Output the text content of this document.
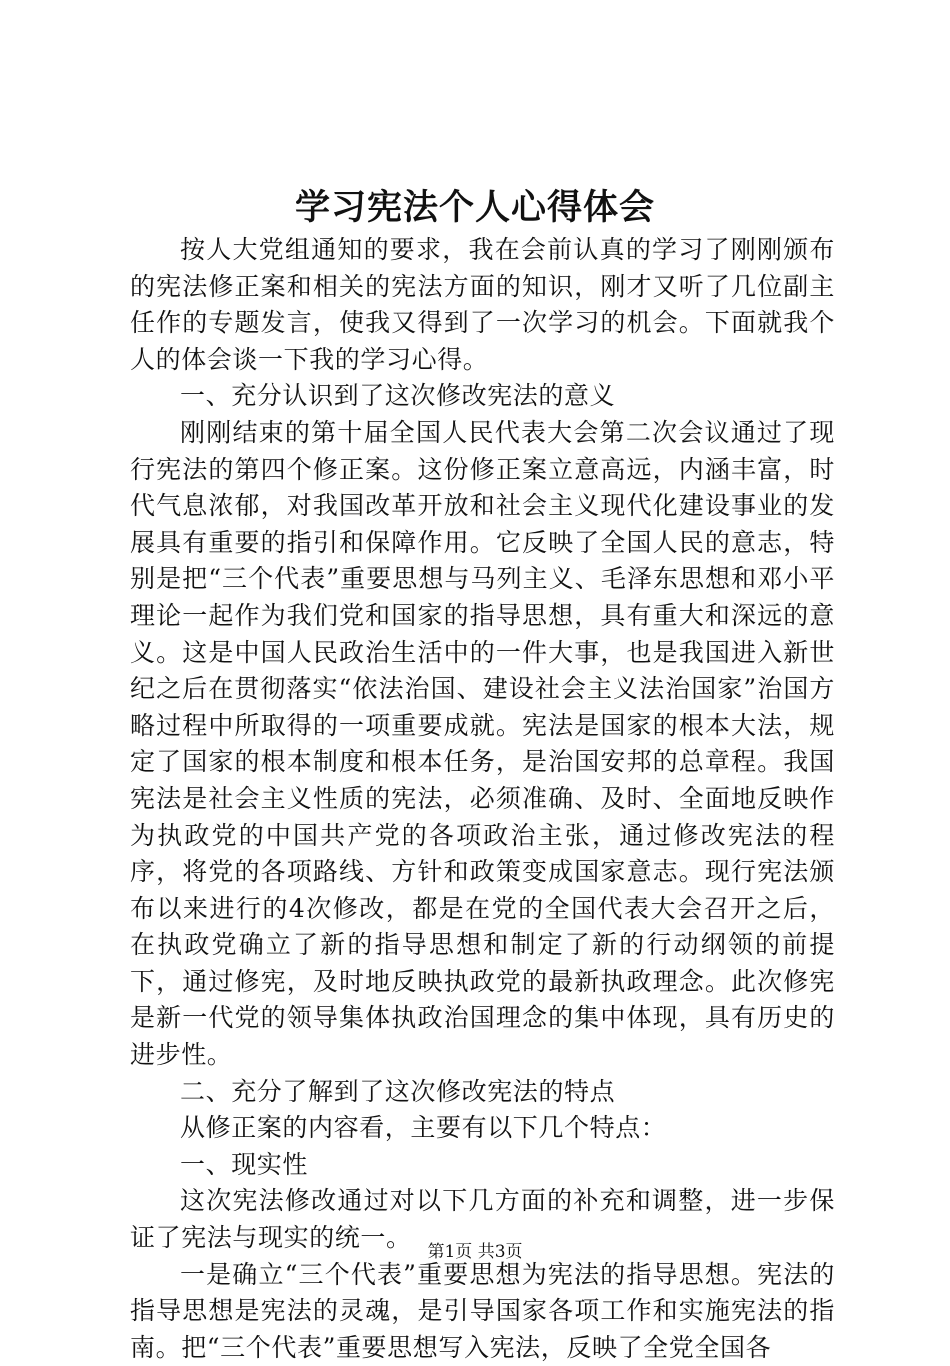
学习宪法个人心得体会

按人大党组通知的要求，我在会前认真的学习了刚刚颁布的宪法修正案和相关的宪法方面的知识，刚才又听了几位副主任作的专题发言，使我又得到了一次学习的机会。下面就我个人的体会谈一下我的学习心得。

一、充分认识到了这次修改宪法的意义

刚刚结束的第十届全国人民代表大会第二次会议通过了现行宪法的第四个修正案。这份修正案立意高远，内涵丰富，时代气息浓郁，对我国改革开放和社会主义现代化建设事业的发展具有重要的指引和保障作用。它反映了全国人民的意志，特别是把“三个代表”重要思想与马列主义、毛泽东思想和邓小平理论一起作为我们党和国家的指导思想，具有重大和深远的意义。这是中国人民政治生活中的一件大事，也是我国进入新世纪之后在贯彻落实“依法治国、建设社会主义法治国家”治国方略过程中所取得的一项重要成就。宪法是国家的根本大法，规定了国家的根本制度和根本任务，是治国安邦的总章程。我国宪法是社会主义性质的宪法，必须准确、及时、全面地反映作为执政党的中国共产党的各项政治主张，通过修改宪法的程序，将党的各项路线、方针和政策变成国家意志。现行宪法颁布以来进行的4次修改，都是在党的全国代表大会召开之后，在执政党确立了新的指导思想和制定了新的行动纲领的前提下，通过修宪，及时地反映执政党的最新执政理念。此次修宪是新一代党的领导集体执政治国理念的集中体现，具有历史的进步性。

二、充分了解到了这次修改宪法的特点

从修正案的内容看，主要有以下几个特点：

一、现实性

这次宪法修改通过对以下几方面的补充和调整，进一步保证了宪法与现实的统一。

一是确立“三个代表”重要思想为宪法的指导思想。宪法的指导思想是宪法的灵魂，是引导国家各项工作和实施宪法的指南。把“三个代表”重要思想写入宪法，反映了全党全国各

第1页 共3页
